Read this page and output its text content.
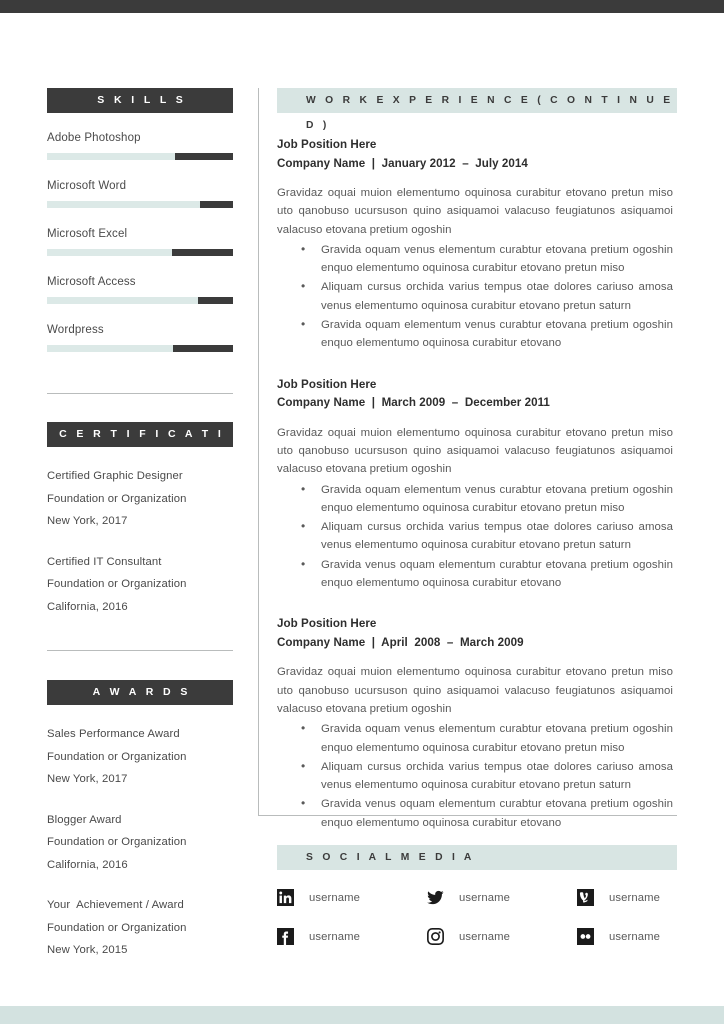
S K I L L S
Adobe Photoshop
Microsoft Word
Microsoft Excel
Microsoft Access
Wordpress
C E R T I F I C A T I O N S
Certified Graphic Designer
Foundation or Organization
New York, 2017
Certified IT Consultant
Foundation or Organization
California, 2016
A W A R D S
Sales Performance Award
Foundation or Organization
New York, 2017
Blogger Award
Foundation or Organization
California, 2016
Your  Achievement / Award
Foundation or Organization
New York, 2015
W O R K E X P E R I E N C E ( C O N T I N U E D )
Job Position Here
Company Name  |  January 2012  –  July 2014
Gravidaz oquai muion elementumo oquinosa curabitur etovano pretun miso uto qanobuso ucursuson quino asiquamoi valacuso feugiatunos asiquamoi valacuso etovana pretium ogoshin
• Gravida oquam venus elementum curabtur etovana pretium ogoshin enquo elementumo oquinosa curabitur etovano pretun miso
• Aliquam cursus orchida varius tempus otae dolores cariuso amosa venus elementumo oquinosa curabitur etovano pretun saturn
• Gravida oquam elementum venus curabtur etovana pretium ogoshin enquo elementumo oquinosa curabitur etovano
Job Position Here
Company Name  |  March 2009  –  December 2011
Gravidaz oquai muion elementumo oquinosa curabitur etovano pretun miso uto qanobuso ucursuson quino asiquamoi valacuso feugiatunos asiquamoi valacuso etovana pretium ogoshin
• Gravida oquam elementum venus curabtur etovana pretium ogoshin enquo elementumo oquinosa curabitur etovano pretun miso
• Aliquam cursus orchida varius tempus otae dolores cariuso amosa venus elementumo oquinosa curabitur etovano pretun saturn
• Gravida venus oquam elementum curabtur etovana pretium ogoshin enquo elementumo oquinosa curabitur etovano
Job Position Here
Company Name  |  April  2008  –  March 2009
Gravidaz oquai muion elementumo oquinosa curabitur etovano pretun miso uto qanobuso ucursuson quino asiquamoi valacuso feugiatunos asiquamoi valacuso etovana pretium ogoshin
• Gravida oquam venus elementum curabtur etovana pretium ogoshin enquo elementumo oquinosa curabitur etovano pretun miso
• Aliquam cursus orchida varius tempus otae dolores cariuso amosa venus elementumo oquinosa curabitur etovano pretun saturn
• Gravida venus oquam elementum curabtur etovana pretium ogoshin enquo elementumo oquinosa curabitur etovano
S O C I A L M E D I A
username	username	username
username	username	username
